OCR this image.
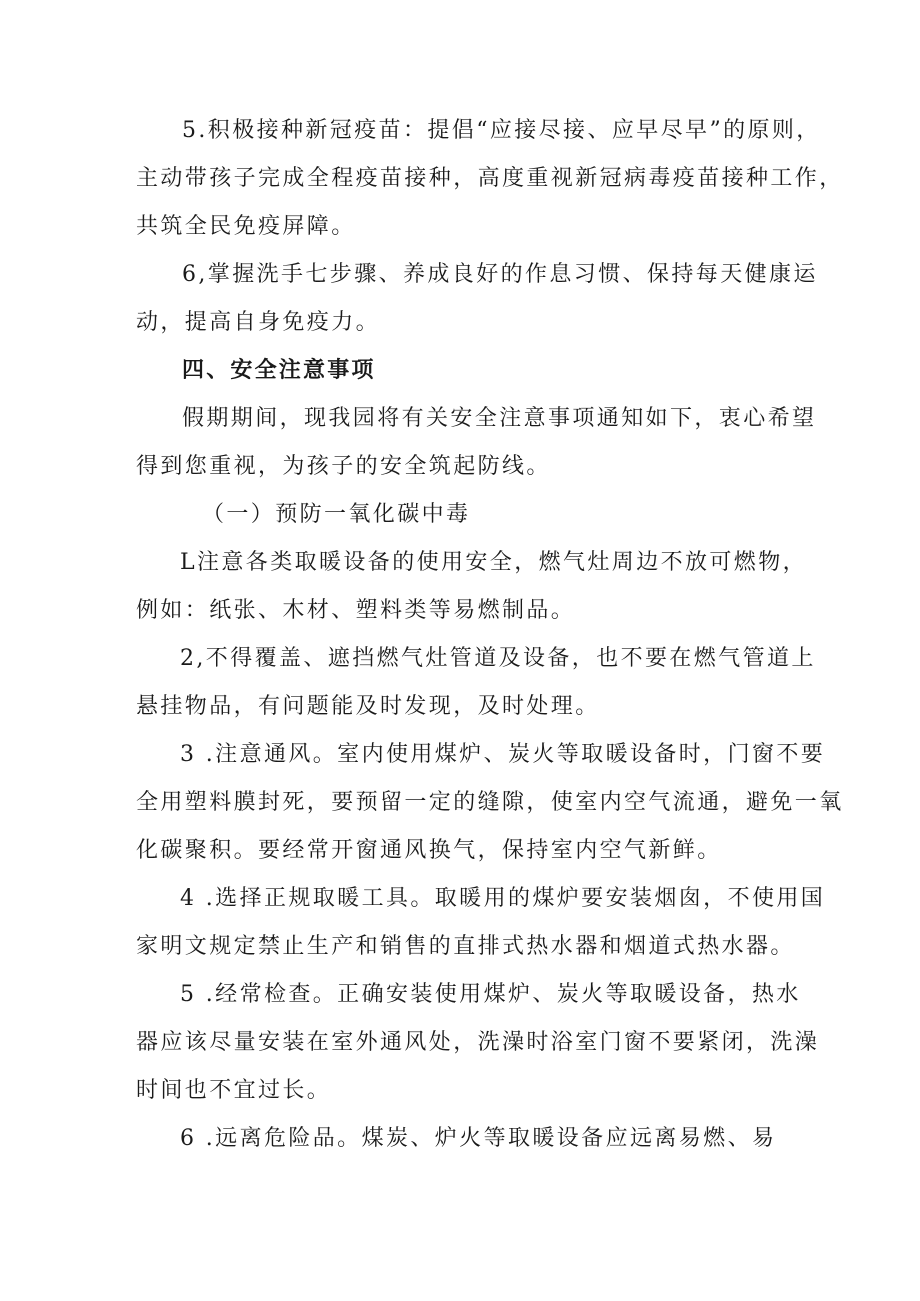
5.积极接种新冠疫苗：提倡“应接尽接、应早尽早”的原则，
主动带孩子完成全程疫苗接种，高度重视新冠病毒疫苗接种工作，
共筑全民免疫屏障。
6,掌握洗手七步骤、养成良好的作息习惯、保持每天健康运
动，提高自身免疫力。
四、安全注意事项
假期期间，现我园将有关安全注意事项通知如下，衷心希望
得到您重视，为孩子的安全筑起防线。
（一）预防一氧化碳中毒
L注意各类取暖设备的使用安全，燃气灶周边不放可燃物，
例如：纸张、木材、塑料类等易燃制品。
2,不得覆盖、遮挡燃气灶管道及设备，也不要在燃气管道上
悬挂物品，有问题能及时发现，及时处理。
3 .注意通风。室内使用煤炉、炭火等取暖设备时，门窗不要
全用塑料膜封死，要预留一定的缝隙，使室内空气流通，避免一氧
化碳聚积。要经常开窗通风换气，保持室内空气新鲜。
4 .选择正规取暖工具。取暖用的煤炉要安装烟囱，不使用国
家明文规定禁止生产和销售的直排式热水器和烟道式热水器。
5 .经常检查。正确安装使用煤炉、炭火等取暖设备，热水
器应该尽量安装在室外通风处，洗澡时浴室门窗不要紧闭，洗澡
时间也不宜过长。
6 .远离危险品。煤炭、炉火等取暖设备应远离易燃、易
